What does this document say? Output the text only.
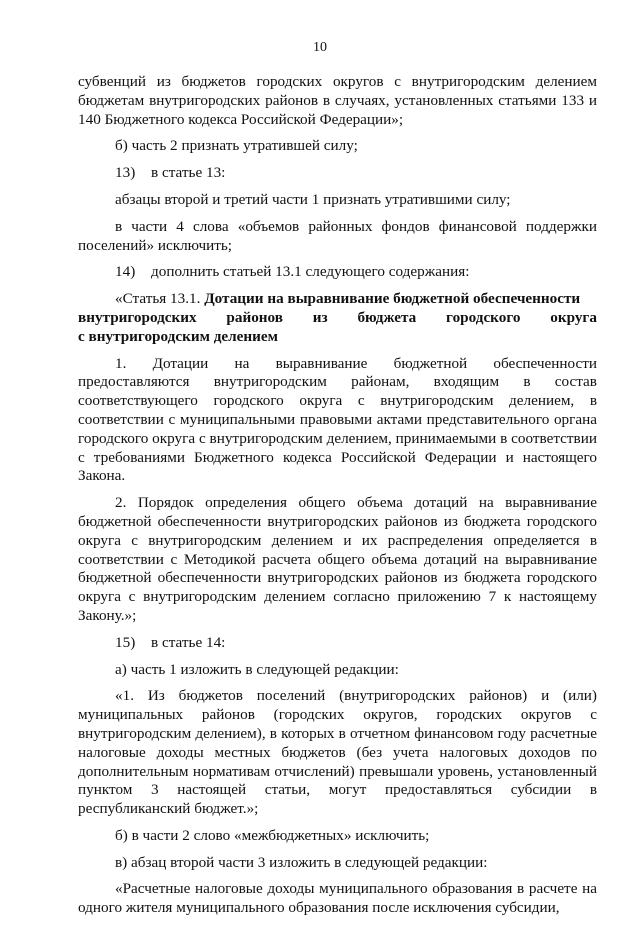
10

субвенций из бюджетов городских округов с внутригородским делением бюджетам внутригородских районов в случаях, установленных статьями 133 и 140 Бюджетного кодекса Российской Федерации»;

б) часть 2 признать утратившей силу;

13) в статье 13:

абзацы второй и третий части 1 признать утратившими силу;

в части 4 слова «объемов районных фондов финансовой поддержки поселений» исключить;

14) дополнить статьей 13.1 следующего содержания:

«Статья 13.1. Дотации на выравнивание бюджетной обеспеченности
внутригородских районов из бюджета городского округа
с внутригородским делением
1. Дотации на выравнивание бюджетной обеспеченности
предоставляются внутригородским районам, входящим в состав
соответствующего городского округа с внутригородским делением, в соответствии с муниципальными правовыми актами представительного органа городского округа с внутригородским делением, принимаемыми в соответствии с требованиями Бюджетного кодекса Российской Федерации и настоящего Закона.

2. Порядок определения общего объема дотаций на выравнивание бюджетной обеспеченности внутригородских районов из бюджета городского округа с внутригородским делением и их распределения определяется в соответствии с Методикой расчета общего объема дотаций на выравнивание бюджетной обеспеченности внутригородских районов из бюджета городского округа с внутригородским делением согласно приложению 7 к настоящему Закону.»;

15) в статье 14:

а) часть 1 изложить в следующей редакции:

«1. Из бюджетов поселений (внутригородских районов) и (или) муниципальных районов (городских округов, городских округов с внутригородским делением), в которых в отчетном финансовом году расчетные налоговые доходы местных бюджетов (без учета налоговых доходов по дополнительным нормативам отчислений) превышали уровень, установленный пунктом 3 настоящей статьи, могут предоставляться субсидии в республиканский бюджет.»;

б) в части 2 слово «межбюджетных» исключить;

в) абзац второй части 3 изложить в следующей редакции:

«Расчетные налоговые доходы муниципального образования в расчете на одного жителя муниципального образования после исключения субсидии,
